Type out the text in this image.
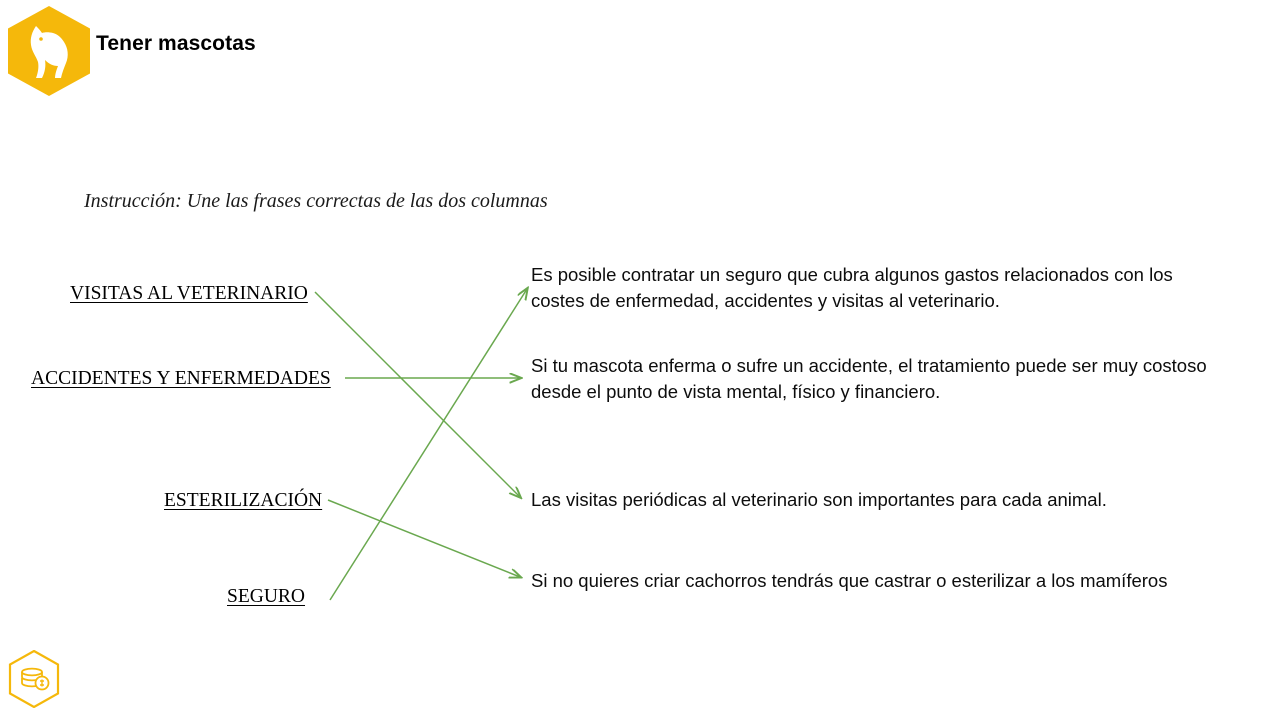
Tener mascotas
Instrucción: Une las frases correctas de las dos columnas
VISITAS AL VETERINARIO
ACCIDENTES Y ENFERMEDADES
ESTERILIZACIÓN
SEGURO
Es posible contratar un seguro que cubra algunos gastos relacionados con los costes de enfermedad, accidentes y visitas al veterinario.
Si tu mascota enferma o sufre un accidente, el tratamiento puede ser muy costoso desde el punto de vista mental, físico y financiero.
Las visitas periódicas al veterinario son importantes para cada animal.
Si no quieres criar cachorros tendrás que castrar o esterilizar a los mamíferos
